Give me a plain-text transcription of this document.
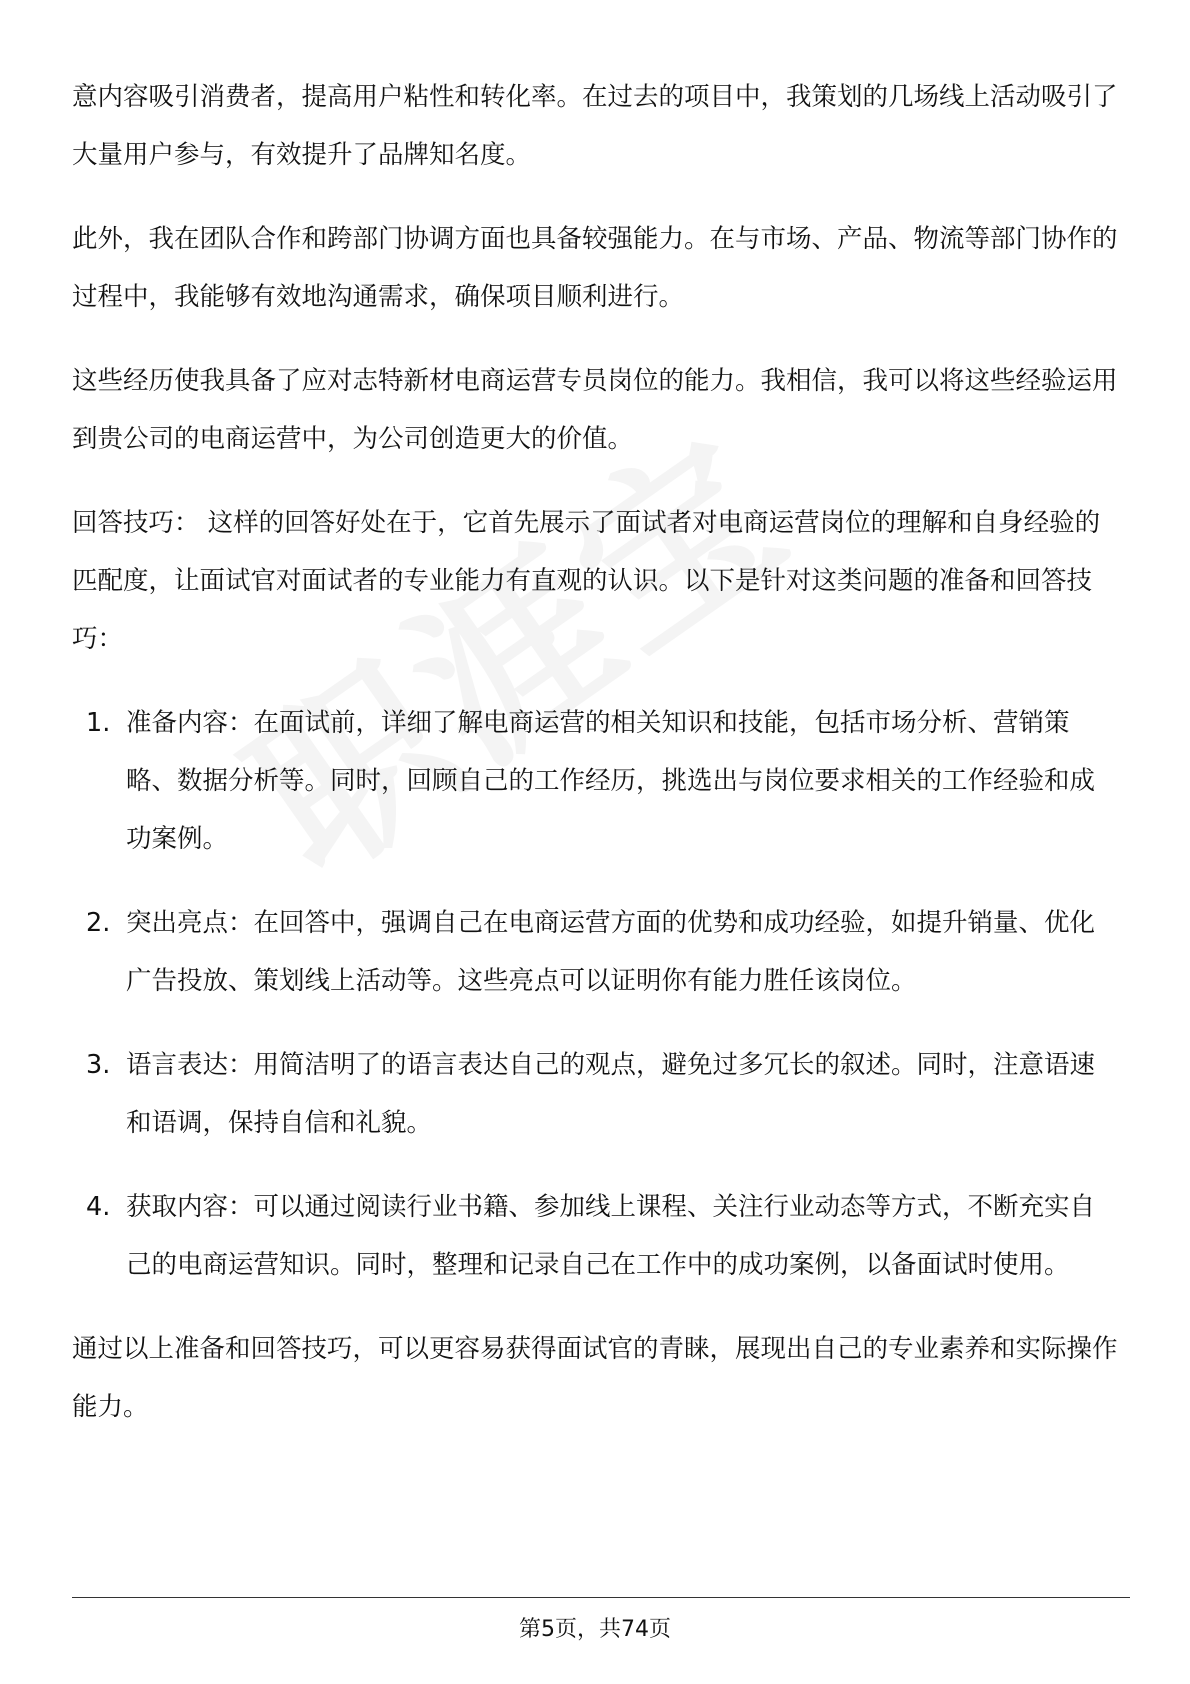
意内容吸引消费者，提高用户粘性和转化率。在过去的项目中，我策划的几场线上活动吸引了大量用户参与，有效提升了品牌知名度。

此外，我在团队合作和跨部门协调方面也具备较强能力。在与市场、产品、物流等部门协作的过程中，我能够有效地沟通需求，确保项目顺利进行。

这些经历使我具备了应对志特新材电商运营专员岗位的能力。我相信，我可以将这些经验运用到贵公司的电商运营中，为公司创造更大的价值。

回答技巧： 这样的回答好处在于，它首先展示了面试者对电商运营岗位的理解和自身经验的匹配度，让面试官对面试者的专业能力有直观的认识。以下是针对这类问题的准备和回答技巧：

1. 准备内容：在面试前，详细了解电商运营的相关知识和技能，包括市场分析、营销策略、数据分析等。同时，回顾自己的工作经历，挑选出与岗位要求相关的工作经验和成功案例。
2. 突出亮点：在回答中，强调自己在电商运营方面的优势和成功经验，如提升销量、优化广告投放、策划线上活动等。这些亮点可以证明你有能力胜任该岗位。
3. 语言表达：用简洁明了的语言表达自己的观点，避免过多冗长的叙述。同时，注意语速和语调，保持自信和礼貌。
4. 获取内容：可以通过阅读行业书籍、参加线上课程、关注行业动态等方式，不断充实自己的电商运营知识。同时，整理和记录自己在工作中的成功案例，以备面试时使用。

通过以上准备和回答技巧，可以更容易获得面试官的青睐，展现出自己的专业素养和实际操作能力。

第5页，共74页
